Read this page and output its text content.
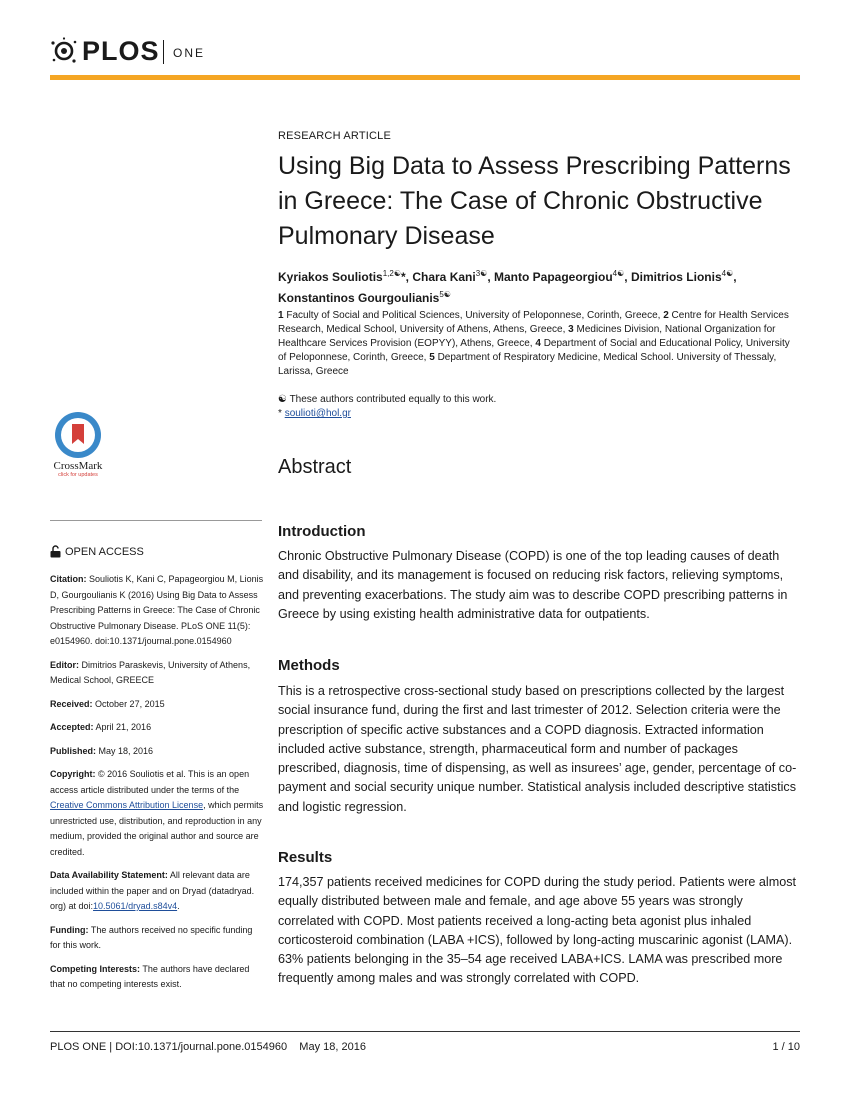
PLOS ONE
RESEARCH ARTICLE
Using Big Data to Assess Prescribing Patterns in Greece: The Case of Chronic Obstructive Pulmonary Disease
Kyriakos Souliotis$^{1,2☯}$*, Chara Kani$^{3☯}$, Manto Papageorgiou$^{4☯}$, Dimitrios Lionis$^{4☯}$,
Konstantinos Gourgoulianis$^{5☯}$
1 Faculty of Social and Political Sciences, University of Peloponnese, Corinth, Greece, 2 Centre for Health Services Research, Medical School, University of Athens, Athens, Greece, 3 Medicines Division, National Organization for Healthcare Services Provision (EOPYY), Athens, Greece, 4 Department of Social and Educational Policy, University of Peloponnese, Corinth, Greece, 5 Department of Respiratory Medicine, Medical School. University of Thessaly, Larissa, Greece
☯ These authors contributed equally to this work.
* soulioti@hol.gr
Abstract
Introduction
Chronic Obstructive Pulmonary Disease (COPD) is one of the top leading causes of death and disability, and its management is focused on reducing risk factors, relieving symptoms, and preventing exacerbations. The study aim was to describe COPD prescribing patterns in Greece by using existing health administrative data for outpatients.
Methods
This is a retrospective cross-sectional study based on prescriptions collected by the largest social insurance fund, during the first and last trimester of 2012. Selection criteria were the prescription of specific active substances and a COPD diagnosis. Extracted information included active substance, strength, pharmaceutical form and number of packages prescribed, diagnosis, time of dispensing, as well as insurees’ age, gender, percentage of co-payment and social security unique number. Statistical analysis included descriptive statistics and logistic regression.
Results
174,357 patients received medicines for COPD during the study period. Patients were almost equally distributed between male and female, and age above 55 years was strongly correlated with COPD. Most patients received a long-acting beta agonist plus inhaled corticosteroid combination (LABA +ICS), followed by long-acting muscarinic agonist (LAMA). 63% patients belonging in the 35–54 age received LABA+ICS. LAMA was prescribed more frequently among males and was strongly correlated with COPD.
CrossMark
click for updates
OPEN ACCESS

Citation: Souliotis K, Kani C, Papageorgiou M, Lionis D, Gourgoulianis K (2016) Using Big Data to Assess Prescribing Patterns in Greece: The Case of Chronic Obstructive Pulmonary Disease. PLoS ONE 11(5): e0154960. doi:10.1371/journal.pone.0154960

Editor: Dimitrios Paraskevis, University of Athens, Medical School, GREECE

Received: October 27, 2015

Accepted: April 21, 2016

Published: May 18, 2016

Copyright: © 2016 Souliotis et al. This is an open access article distributed under the terms of the Creative Commons Attribution License, which permits unrestricted use, distribution, and reproduction in any medium, provided the original author and source are credited.

Data Availability Statement: All relevant data are included within the paper and on Dryad (datadryad. org) at doi:10.5061/dryad.s84v4.

Funding: The authors received no specific funding for this work.

Competing Interests: The authors have declared that no competing interests exist.

PLOS ONE | DOI:10.1371/journal.pone.0154960    May 18, 2016	1 / 10
